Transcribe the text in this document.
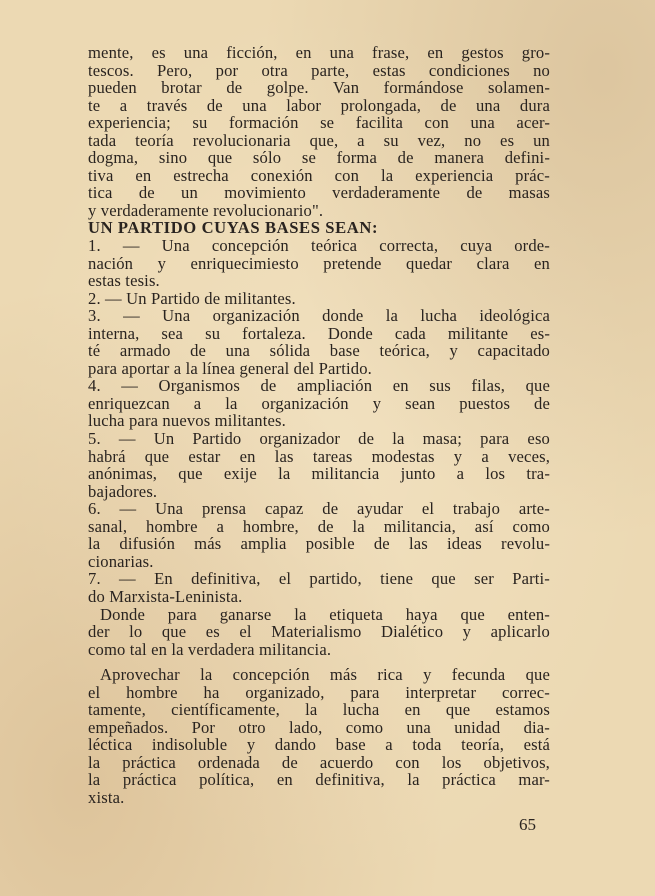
mente, es una ficción, en una frase, en gestos gro-
tescos. Pero, por otra parte, estas condiciones no
pueden brotar de golpe. Van formándose solamen-
te a través de una labor prolongada, de una dura
experiencia; su formación se facilita con una acer-
tada teoría revolucionaria que, a su vez, no es un
dogma, sino que sólo se forma de manera defini-
tiva en estrecha conexión con la experiencia prác-
tica de un movimiento verdaderamente de masas
y verdaderamente revolucionario".
UN PARTIDO CUYAS BASES SEAN:
1. — Una concepción teórica correcta, cuya orde-
nación y enriquecimiesto pretende quedar clara en
estas tesis.
2. — Un Partido de militantes.
3. — Una organización donde la lucha ideológica
interna, sea su fortaleza. Donde cada militante es-
té armado de una sólida base teórica, y capacitado
para aportar a la línea general del Partido.
4. — Organismos de ampliación en sus filas, que
enriquezcan a la organización y sean puestos de
lucha para nuevos militantes.
5. — Un Partido organizador de la masa; para eso
habrá que estar en las tareas modestas y a veces,
anónimas, que exije la militancia junto a los tra-
bajadores.
6. — Una prensa capaz de ayudar el trabajo arte-
sanal, hombre a hombre, de la militancia, así como
la difusión más amplia posible de las ideas revolu-
cionarias.
7. — En definitiva, el partido, tiene que ser Parti-
do Marxista-Leninista.
Donde para ganarse la etiqueta haya que enten-
der lo que es el Materialismo Dialético y aplicarlo
como tal en la verdadera militancia.
Aprovechar la concepción más rica y fecunda que
el hombre ha organizado, para interpretar correc-
tamente, científicamente, la lucha en que estamos
empeñados. Por otro lado, como una unidad dia-
léctica indisoluble y dando base a toda teoría, está
la práctica ordenada de acuerdo con los objetivos,
la práctica política, en definitiva, la práctica mar-
xista.
65
